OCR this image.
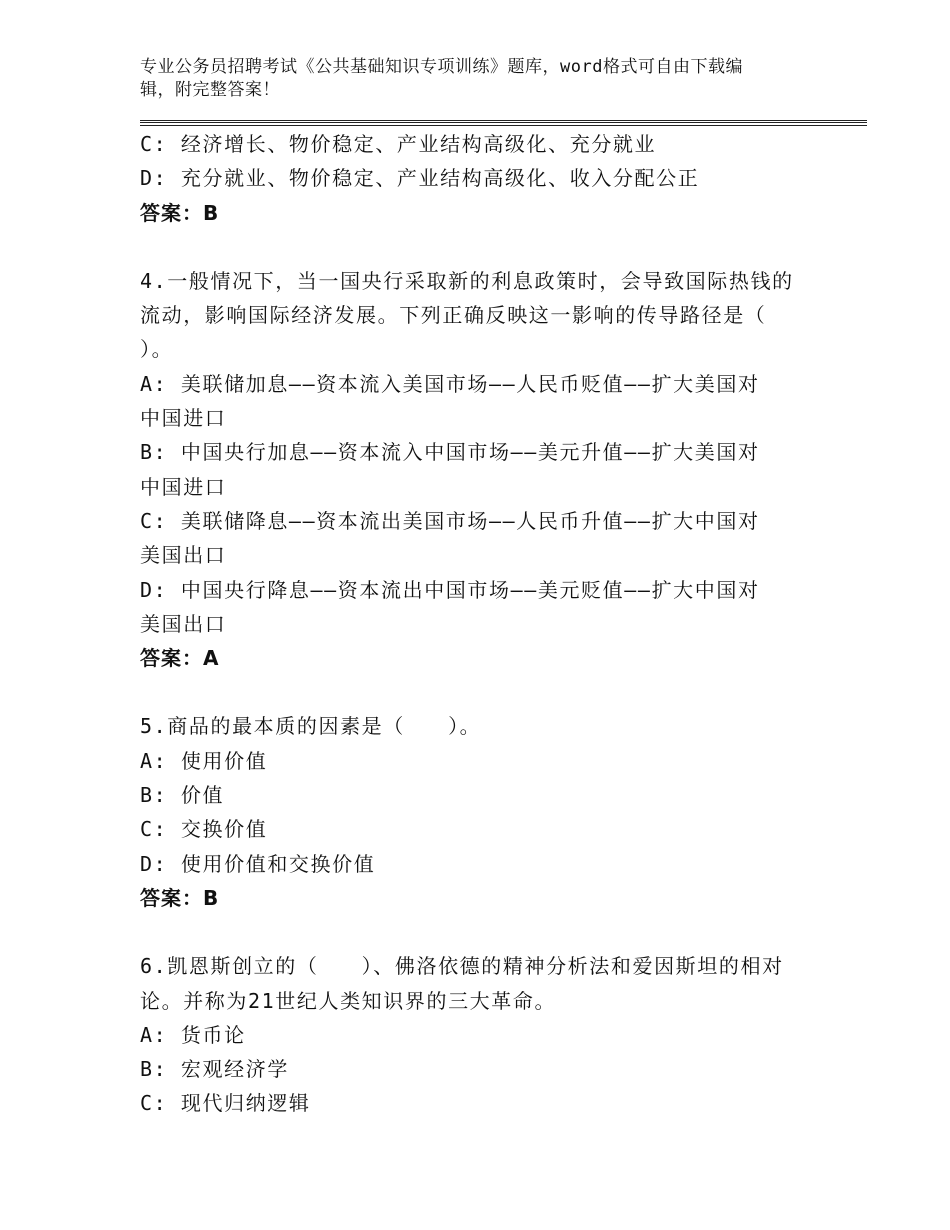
专业公务员招聘考试《公共基础知识专项训练》题库，word格式可自由下载编
辑，附完整答案！

C: 经济增长、物价稳定、产业结构高级化、充分就业

D: 充分就业、物价稳定、产业结构高级化、收入分配公正

答案：B

4.一般情况下，当一国央行采取新的利息政策时，会导致国际热钱的

流动，影响国际经济发展。下列正确反映这一影响的传导路径是（

）。

A: 美联储加息——资本流入美国市场——人民币贬值——扩大美国对

中国进口

B: 中国央行加息——资本流入中国市场——美元升值——扩大美国对

中国进口

C: 美联储降息——资本流出美国市场——人民币升值——扩大中国对

美国出口

D: 中国央行降息——资本流出中国市场——美元贬值——扩大中国对

美国出口

答案：A

5.商品的最本质的因素是（　　）。

A: 使用价值

B: 价值

C: 交换价值

D: 使用价值和交换价值

答案：B

6.凯恩斯创立的（　　）、佛洛依德的精神分析法和爱因斯坦的相对

论。并称为21世纪人类知识界的三大革命。

A: 货币论

B: 宏观经济学

C: 现代归纳逻辑
